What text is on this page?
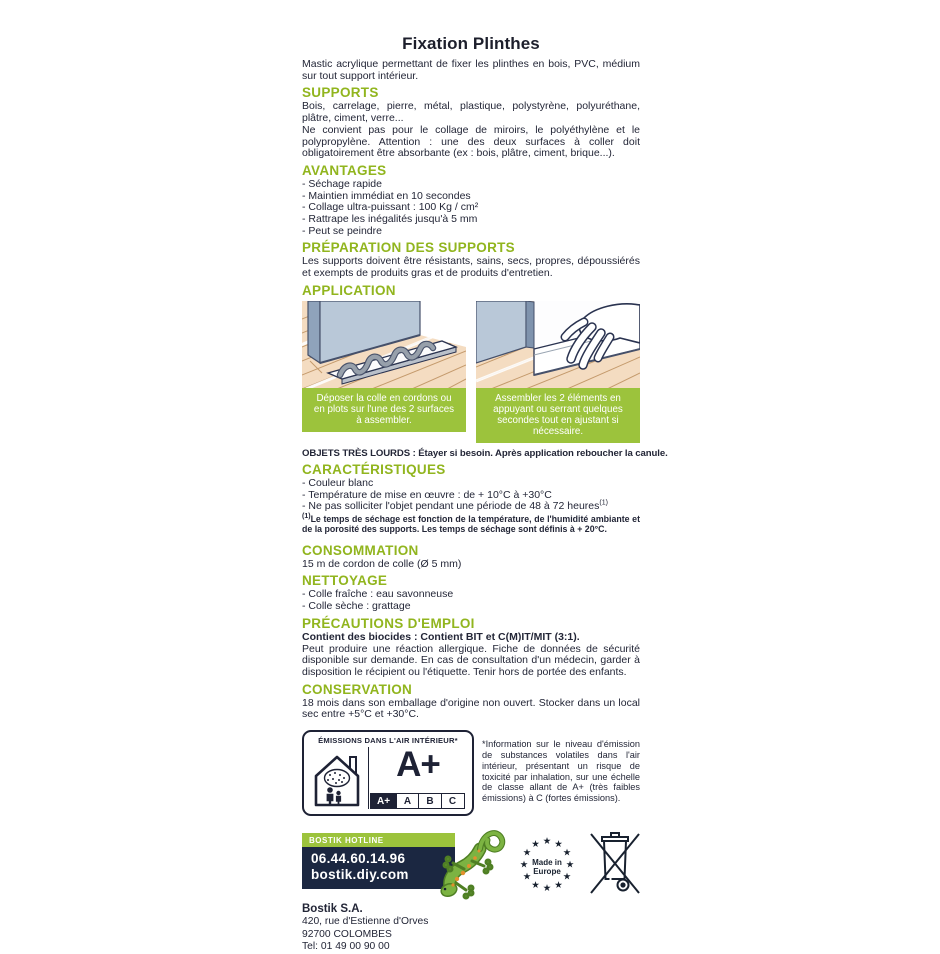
Fixation Plinthes

Mastic acrylique permettant de fixer les plinthes en bois, PVC, médium sur tout support intérieur.

SUPPORTS

Bois, carrelage, pierre, métal, plastique, polystyrène, polyuréthane, plâtre, ciment, verre...

Ne convient pas pour le collage de miroirs, le polyéthylène et le polypropylène. Attention : une des deux surfaces à coller doit obligatoirement être absorbante (ex : bois, plâtre, ciment, brique...).

AVANTAGES
- Séchage rapide
- Maintien immédiat en 10 secondes
- Collage ultra-puissant : 100 Kg / cm²
- Rattrape les inégalités jusqu'à 5 mm
- Peut se peindre
PRÉPARATION DES SUPPORTS

Les supports doivent être résistants, sains, secs, propres, dépoussiérés et exempts de produits gras et de produits d'entretien.

APPLICATION
Déposer la colle en cordons ou en plots sur l'une des 2 surfaces à assembler.
Assembler les 2 éléments en appuyant ou serrant quelques secondes tout en ajustant si nécessaire.
OBJETS TRÈS LOURDS : Étayer si besoin. Après application reboucher la canule.
CARACTÉRISTIQUES
- Couleur blanc
- Température de mise en œuvre : de + 10°C à +30°C
- Ne pas solliciter l'objet pendant une période de 48 à 72 heures$^{(1)}$

$^{(1)}$Le temps de séchage est fonction de la température, de l'humidité ambiante et de la porosité des supports. Les temps de séchage sont définis à + 20°C.

CONSOMMATION
15 m de cordon de colle (Ø 5 mm)
NETTOYAGE
- Colle fraîche : eau savonneuse
- Colle sèche : grattage
PRÉCAUTIONS D'EMPLOI
Contient des biocides : Contient BIT et C(M)IT/MIT (3:1).

Peut produire une réaction allergique. Fiche de données de sécurité disponible sur demande. En cas de consultation d'un médecin, garder à disposition le récipient ou l'étiquette. Tenir hors de portée des enfants.

CONSERVATION

18 mois dans son emballage d'origine non ouvert. Stocker dans un local sec entre +5°C et +30°C.

ÉMISSIONS DANS L'AIR INTÉRIEUR*
A+
A+	A	B	C

*Information sur le niveau d'émission de substances volatiles dans l'air intérieur, présentant un risque de toxicité par inhalation, sur une échelle de classe allant de A+ (très faibles émissions) à C (fortes émissions).

BOSTIK HOTLINE
06.44.60.14.96
bostik.diy.com
★ ★
★
★
★
★
★
★
★
★
★
★
Made in
Europe
Bostik S.A.
420, rue d'Estienne d'Orves
92700 COLOMBES
Tel: 01 49 00 90 00
